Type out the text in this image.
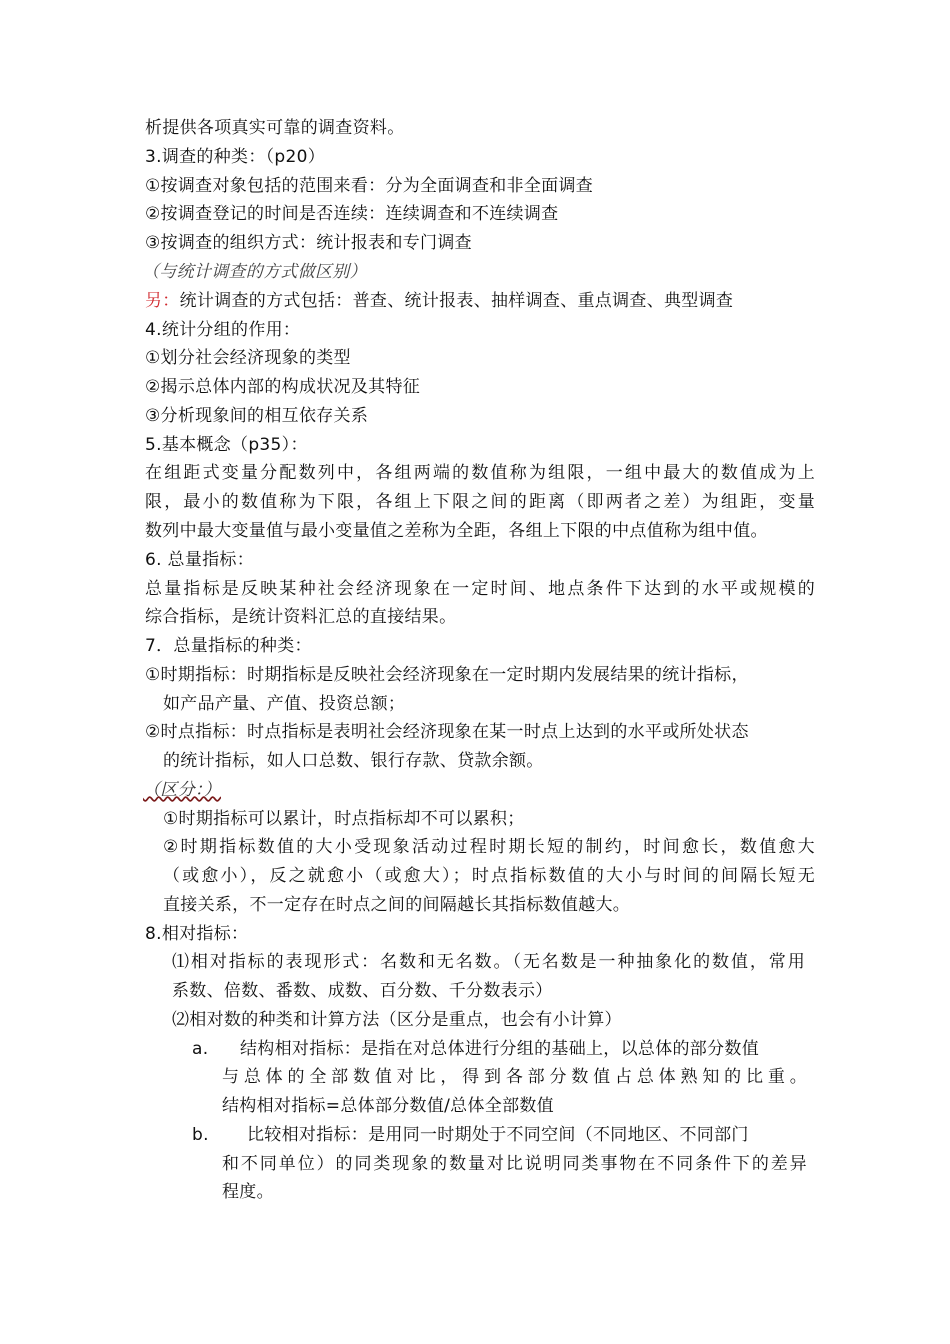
析提供各项真实可靠的调查资料。
3.调查的种类：（p20）
①按调查对象包括的范围来看：分为全面调查和非全面调查
②按调查登记的时间是否连续：连续调查和不连续调查
③按调查的组织方式：统计报表和专门调查
（与统计调查的方式做区别）
另：统计调查的方式包括：普查、统计报表、抽样调查、重点调查、典型调查
4.统计分组的作用：
①划分社会经济现象的类型
②揭示总体内部的构成状况及其特征
③分析现象间的相互依存关系
5.基本概念（p35）：
在组距式变量分配数列中，各组两端的数值称为组限，一组中最大的数值成为上
限，最小的数值称为下限，各组上下限之间的距离（即两者之差）为组距，变量
数列中最大变量值与最小变量值之差称为全距，各组上下限的中点值称为组中值。
6. 总量指标：
总量指标是反映某种社会经济现象在一定时间、地点条件下达到的水平或规模的
综合指标，是统计资料汇总的直接结果。
7．总量指标的种类：
①时期指标：时期指标是反映社会经济现象在一定时期内发展结果的统计指标，
如产品产量、产值、投资总额；
②时点指标：时点指标是表明社会经济现象在某一时点上达到的水平或所处状态
的统计指标，如人口总数、银行存款、贷款余额。
（区分：）
①时期指标可以累计，时点指标却不可以累积；
②时期指标数值的大小受现象活动过程时期长短的制约，时间愈长，数值愈大
（或愈小），反之就愈小（或愈大）；时点指标数值的大小与时间的间隔长短无
直接关系，不一定存在时点之间的间隔越长其指标数值越大。
8.相对指标：
⑴相对指标的表现形式：名数和无名数。（无名数是一种抽象化的数值，常用
系数、倍数、番数、成数、百分数、千分数表示）
⑵相对数的种类和计算方法（区分是重点，也会有小计算）
a. 结构相对指标：是指在对总体进行分组的基础上，以总体的部分数值
与总体的全部数值对比，得到各部分数值占总体熟知的比重。
结构相对指标=总体部分数值/总体全部数值
b. 比较相对指标：是用同一时期处于不同空间（不同地区、不同部门
和不同单位）的同类现象的数量对比说明同类事物在不同条件下的差异
程度。
